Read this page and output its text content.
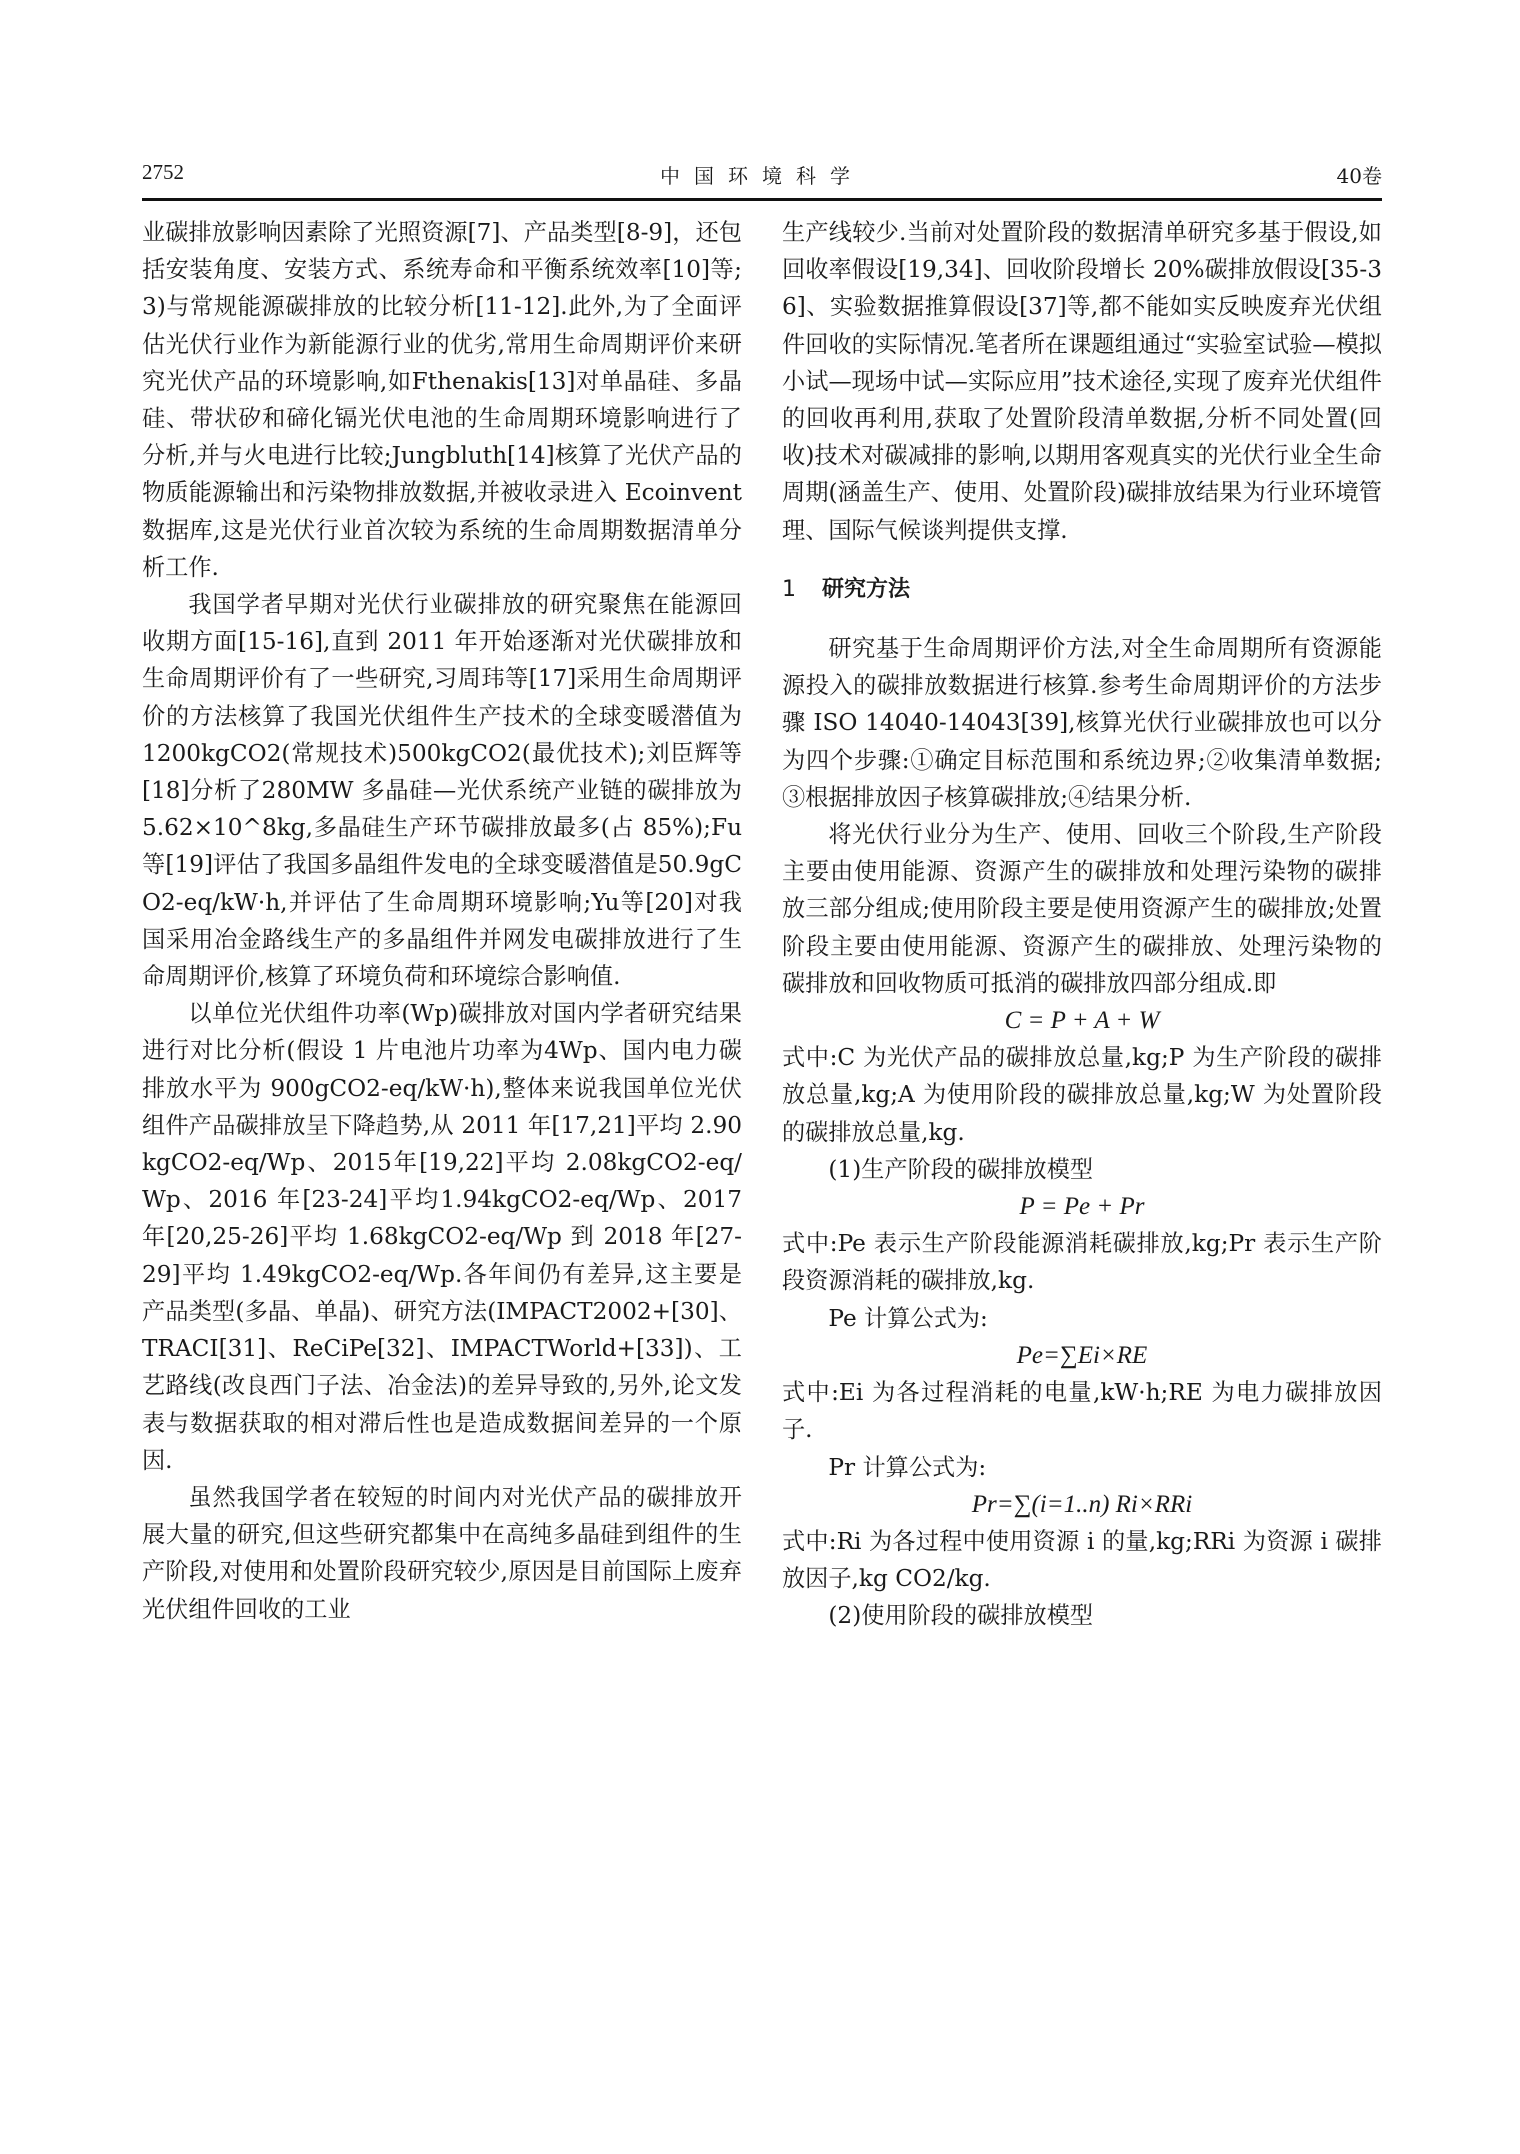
2752	中国环境科学	40卷

业碳排放影响因素除了光照资源[7]、产品类型[8-9]，还包括安装角度、安装方式、系统寿命和平衡系统效率[10]等;3)与常规能源碳排放的比较分析[11-12].此外,为了全面评估光伏行业作为新能源行业的优劣,常用生命周期评价来研究光伏产品的环境影响,如Fthenakis[13]对单晶硅、多晶硅、带状矽和碲化镉光伏电池的生命周期环境影响进行了分析,并与火电进行比较;Jungbluth[14]核算了光伏产品的物质能源输出和污染物排放数据,并被收录进入 Ecoinvent 数据库,这是光伏行业首次较为系统的生命周期数据清单分析工作.

我国学者早期对光伏行业碳排放的研究聚焦在能源回收期方面[15-16],直到 2011 年开始逐渐对光伏碳排放和生命周期评价有了一些研究,习周玮等[17]采用生命周期评价的方法核算了我国光伏组件生产技术的全球变暖潜值为 1200kgCO2(常规技术)500kgCO2(最优技术);刘臣辉等[18]分析了280MW 多晶硅—光伏系统产业链的碳排放为5.62×10^8kg,多晶硅生产环节碳排放最多(占 85%);Fu等[19]评估了我国多晶组件发电的全球变暖潜值是50.9gCO2-eq/kW·h,并评估了生命周期环境影响;Yu等[20]对我国采用冶金路线生产的多晶组件并网发电碳排放进行了生命周期评价,核算了环境负荷和环境综合影响值.

以单位光伏组件功率(Wp)碳排放对国内学者研究结果进行对比分析(假设 1 片电池片功率为4Wp、国内电力碳排放水平为 900gCO2-eq/kW·h),整体来说我国单位光伏组件产品碳排放呈下降趋势,从 2011 年[17,21]平均 2.90kgCO2-eq/Wp、2015年[19,22]平均 2.08kgCO2-eq/Wp、2016 年[23-24]平均1.94kgCO2-eq/Wp、2017 年[20,25-26]平均 1.68kgCO2-eq/Wp 到 2018 年[27-29]平均 1.49kgCO2-eq/Wp.各年间仍有差异,这主要是产品类型(多晶、单晶)、研究方法(IMPACT2002+[30]、TRACI[31]、ReCiPe[32]、IMPACTWorld+[33])、工艺路线(改良西门子法、冶金法)的差异导致的,另外,论文发表与数据获取的相对滞后性也是造成数据间差异的一个原因.

虽然我国学者在较短的时间内对光伏产品的碳排放开展大量的研究,但这些研究都集中在高纯多晶硅到组件的生产阶段,对使用和处置阶段研究较少,原因是目前国际上废弃光伏组件回收的工业

生产线较少.当前对处置阶段的数据清单研究多基于假设,如回收率假设[19,34]、回收阶段增长 20%碳排放假设[35-36]、实验数据推算假设[37]等,都不能如实反映废弃光伏组件回收的实际情况.笔者所在课题组通过“实验室试验—模拟小试—现场中试—实际应用”技术途径,实现了废弃光伏组件的回收再利用,获取了处置阶段清单数据,分析不同处置(回收)技术对碳减排的影响,以期用客观真实的光伏行业全生命周期(涵盖生产、使用、处置阶段)碳排放结果为行业环境管理、国际气候谈判提供支撑.

1 研究方法

研究基于生命周期评价方法,对全生命周期所有资源能源投入的碳排放数据进行核算.参考生命周期评价的方法步骤 ISO 14040-14043[39],核算光伏行业碳排放也可以分为四个步骤:①确定目标范围和系统边界;②收集清单数据;③根据排放因子核算碳排放;④结果分析.

将光伏行业分为生产、使用、回收三个阶段,生产阶段主要由使用能源、资源产生的碳排放和处理污染物的碳排放三部分组成;使用阶段主要是使用资源产生的碳排放;处置阶段主要由使用能源、资源产生的碳排放、处理污染物的碳排放和回收物质可抵消的碳排放四部分组成.即

C = P + A + W

式中:C 为光伏产品的碳排放总量,kg;P 为生产阶段的碳排放总量,kg;A 为使用阶段的碳排放总量,kg;W 为处置阶段的碳排放总量,kg.

(1)生产阶段的碳排放模型

P = Pe + Pr

式中:Pe 表示生产阶段能源消耗碳排放,kg;Pr 表示生产阶段资源消耗的碳排放,kg.

Pe 计算公式为:

Pe=∑Ei×RE

式中:Ei 为各过程消耗的电量,kW·h;RE 为电力碳排放因子.

Pr 计算公式为:

Pr=∑(i=1..n) Ri×RRi

式中:Ri 为各过程中使用资源 i 的量,kg;RRi 为资源 i 碳排放因子,kg CO2/kg.

(2)使用阶段的碳排放模型
